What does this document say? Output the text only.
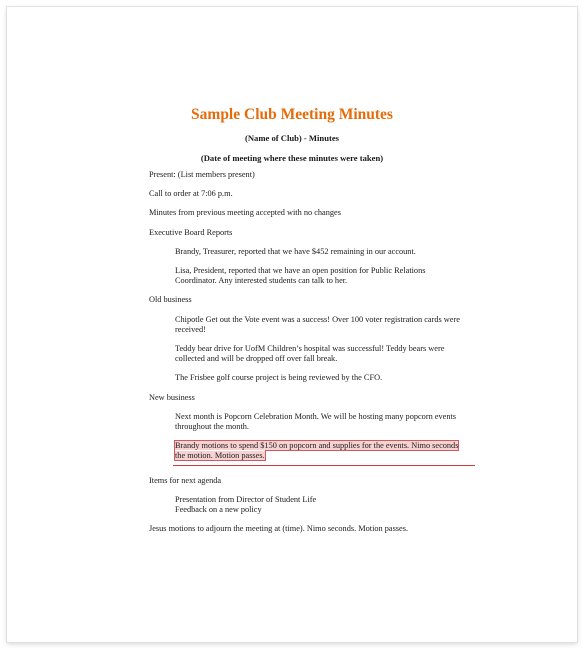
Sample Club Meeting Minutes
(Name of Club) - Minutes
(Date of meeting where these minutes were taken)

Present: (List members present)

Call to order at 7:06 p.m.

Minutes from previous meeting accepted with no changes

Executive Board Reports

Brandy, Treasurer, reported that we have $452 remaining in our account.

Lisa, President, reported that we have an open position for Public Relations Coordinator. Any interested students can talk to her.

Old business

Chipotle Get out the Vote event was a success! Over 100 voter registration cards were received!

Teddy bear drive for UofM Children’s hospital was successful! Teddy bears were collected and will be dropped off over fall break.

The Frisbee golf course project is being reviewed by the CFO.

New business

Next month is Popcorn Celebration Month. We will be hosting many popcorn events throughout the month.

Brandy motions to spend $150 on popcorn and supplies for the events. Nimo seconds the motion. Motion passes.

Items for next agenda

Presentation from Director of Student Life

Feedback on a new policy

Jesus motions to adjourn the meeting at (time). Nimo seconds. Motion passes.
